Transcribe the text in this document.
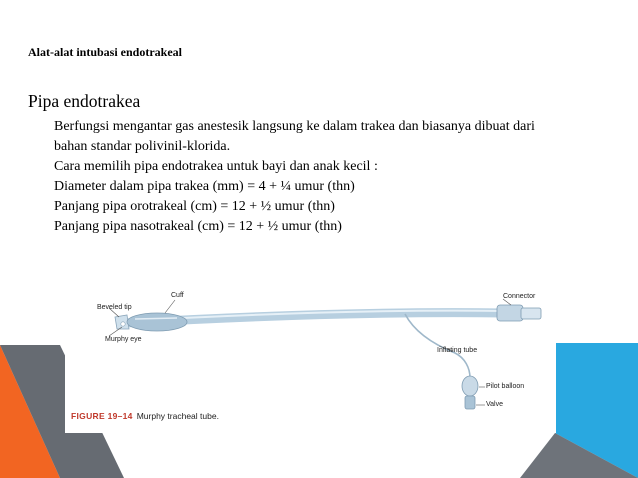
Alat-alat intubasi endotrakeal
Pipa endotrakea
Berfungsi mengantar gas anestesik langsung ke dalam trakea dan biasanya dibuat dari
bahan standar polivinil-klorida.
Cara memilih pipa endotrakea untuk bayi dan anak kecil :
Diameter dalam pipa trakea (mm) = 4 + ¼ umur (thn)
Panjang pipa orotrakeal (cm) = 12 + ½ umur (thn)
Panjang pipa nasotrakeal (cm) = 12 + ½ umur (thn)
Cuff
Beveled tip
Murphy eye
Connector
Inflating tube
Pilot balloon
Valve
FIGURE 19–14 Murphy tracheal tube.
